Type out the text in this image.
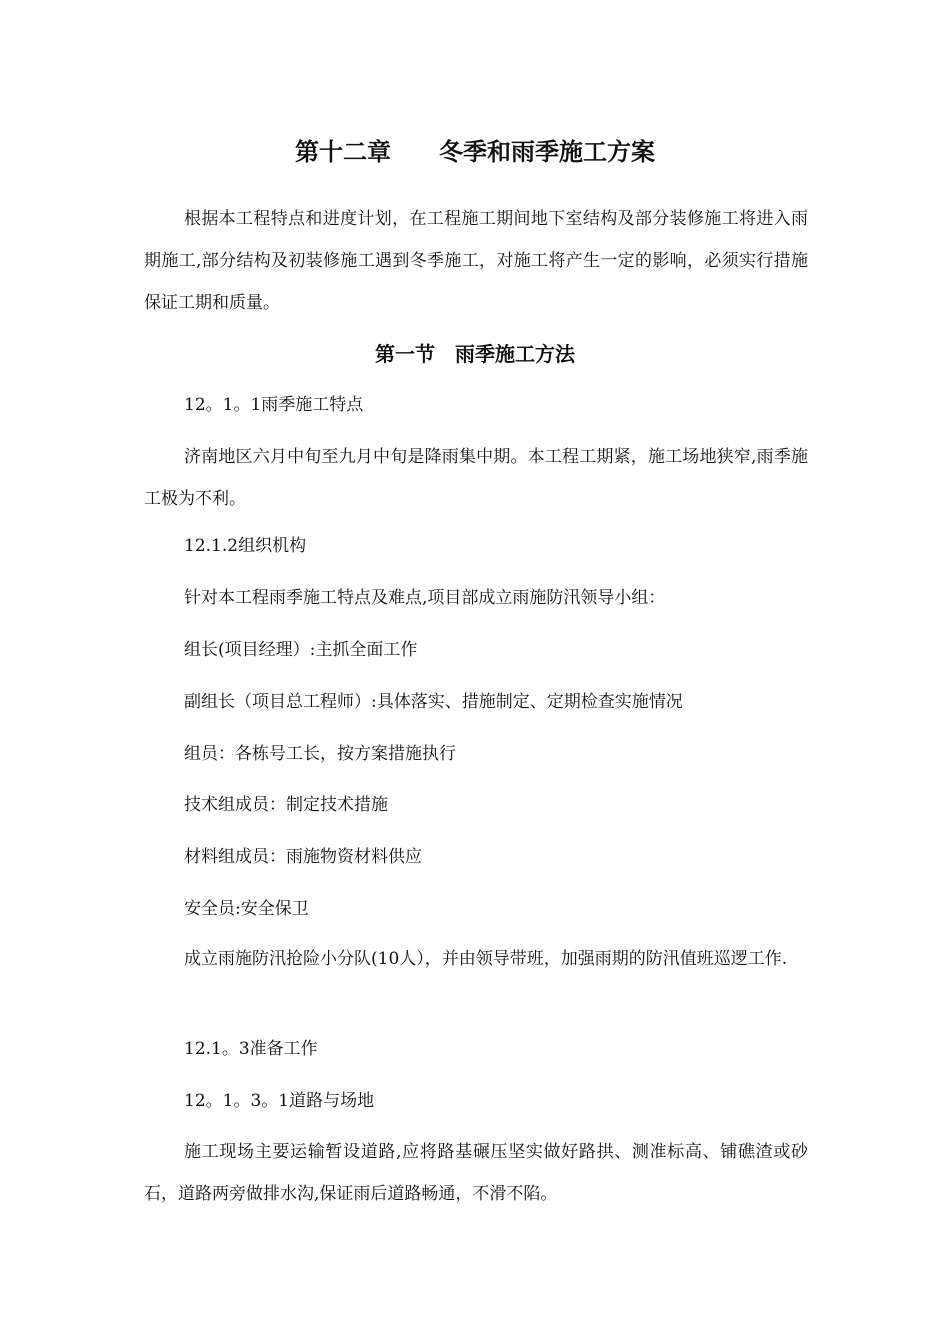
第十二章　　冬季和雨季施工方案

根据本工程特点和进度计划，在工程施工期间地下室结构及部分装修施工将进入雨期施工,部分结构及初装修施工遇到冬季施工，对施工将产生一定的影响，必须实行措施保证工期和质量。

第一节　雨季施工方法

12。1。1雨季施工特点

济南地区六月中旬至九月中旬是降雨集中期。本工程工期紧，施工场地狭窄,雨季施工极为不利。

12.1.2组织机构

针对本工程雨季施工特点及难点,项目部成立雨施防汛领导小组：

组长(项目经理）:主抓全面工作

副组长（项目总工程师）:具体落实、措施制定、定期检查实施情况

组员：各栋号工长，按方案措施执行

技术组成员：制定技术措施

材料组成员：雨施物资材料供应

安全员:安全保卫

成立雨施防汛抢险小分队(10人），并由领导带班，加强雨期的防汛值班巡逻工作.

12.1。3准备工作

12。1。3。1道路与场地

施工现场主要运输暂设道路,应将路基碾压坚实做好路拱、测准标高、铺礁渣或砂石，道路两旁做排水沟,保证雨后道路畅通，不滑不陷。
